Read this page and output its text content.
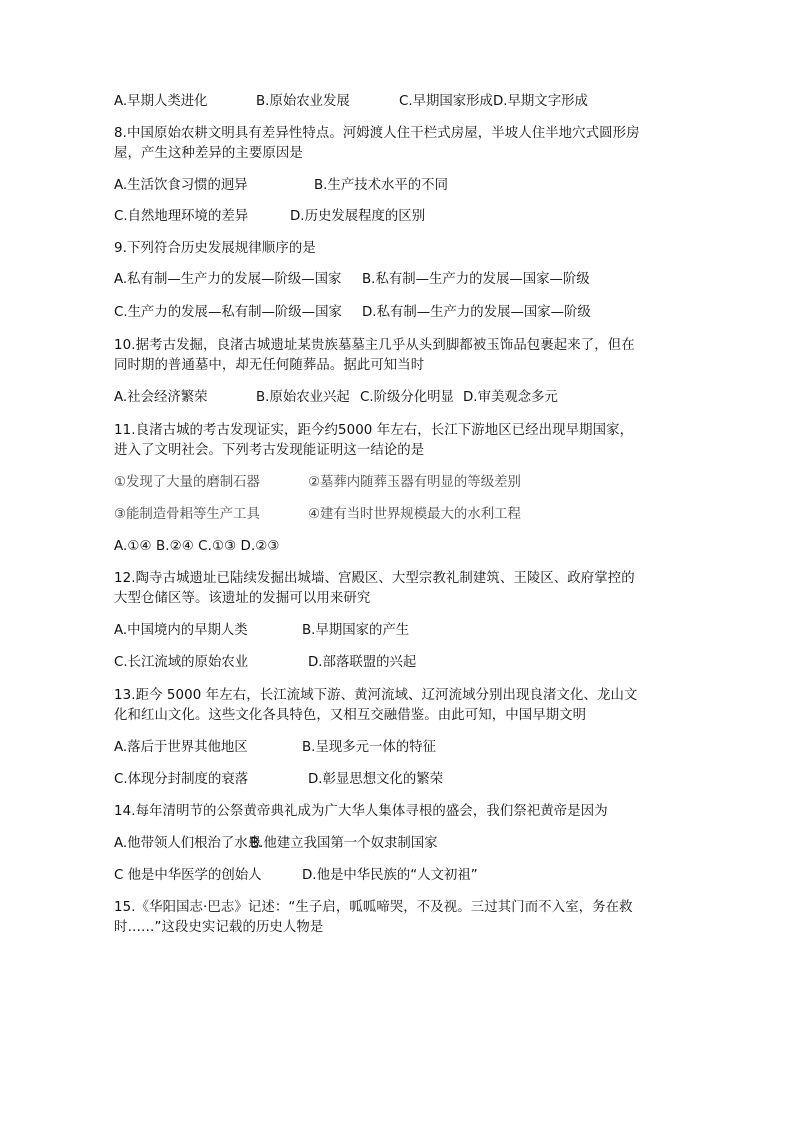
A.早期人类进化	B.原始农业发展	C.早期国家形成D.早期文字形成
8.中国原始农耕文明具有差异性特点。河姆渡人住干栏式房屋，半坡人住半地穴式圆形房
屋，产生这种差异的主要原因是
A.生活饮食习惯的迥异	B.生产技术水平的不同
C.自然地理环境的差异	D.历史发展程度的区别
9.下列符合历史发展规律顺序的是
A.私有制—生产力的发展—阶级—国家 B.私有制—生产力的发展—国家—阶级
C.生产力的发展—私有制—阶级—国家 D.私有制—生产力的发展—国家—阶级
10.据考古发掘，良渚古城遗址某贵族墓墓主几乎从头到脚都被玉饰品包裹起来了，但在
同时期的普通墓中，却无任何随葬品。据此可知当时
A.社会经济繁荣	B.原始农业兴起 C.阶级分化明显 D.审美观念多元
11.良渚古城的考古发现证实，距今约5000 年左右，长江下游地区已经出现早期国家，
进入了文明社会。下列考古发现能证明这一结论的是
①发现了大量的磨制石器	②墓葬内随葬玉器有明显的等级差别
③能制造骨耜等生产工具	④建有当时世界规模最大的水利工程
A.①④ B.②④ C.①③ D.②③
12.陶寺古城遗址已陆续发掘出城墙、宫殿区、大型宗教礼制建筑、王陵区、政府掌控的
大型仓储区等。该遗址的发掘可以用来研究
A.中国境内的早期人类	B.早期国家的产生
C.长江流域的原始农业	D.部落联盟的兴起
13.距今 5000 年左右，长江流域下游、黄河流域、辽河流域分别出现良渚文化、龙山文
化和红山文化。这些文化各具特色，又相互交融借鉴。由此可知，中国早期文明
A.落后于世界其他地区	B.呈现多元一体的特征
C.体现分封制度的衰落	D.彰显思想文化的繁荣
14.每年清明节的公祭黄帝典礼成为广大华人集体寻根的盛会，我们祭祀黄帝是因为
A.他带领人们根治了水患B.他建立我国第一个奴隶制国家
C 他是中华医学的创始人	D.他是中华民族的“人文初祖”
15.《华阳国志·巴志》记述：“生子启，呱呱啼哭，不及视。三过其门而不入室，务在救
时……”这段史实记载的历史人物是
